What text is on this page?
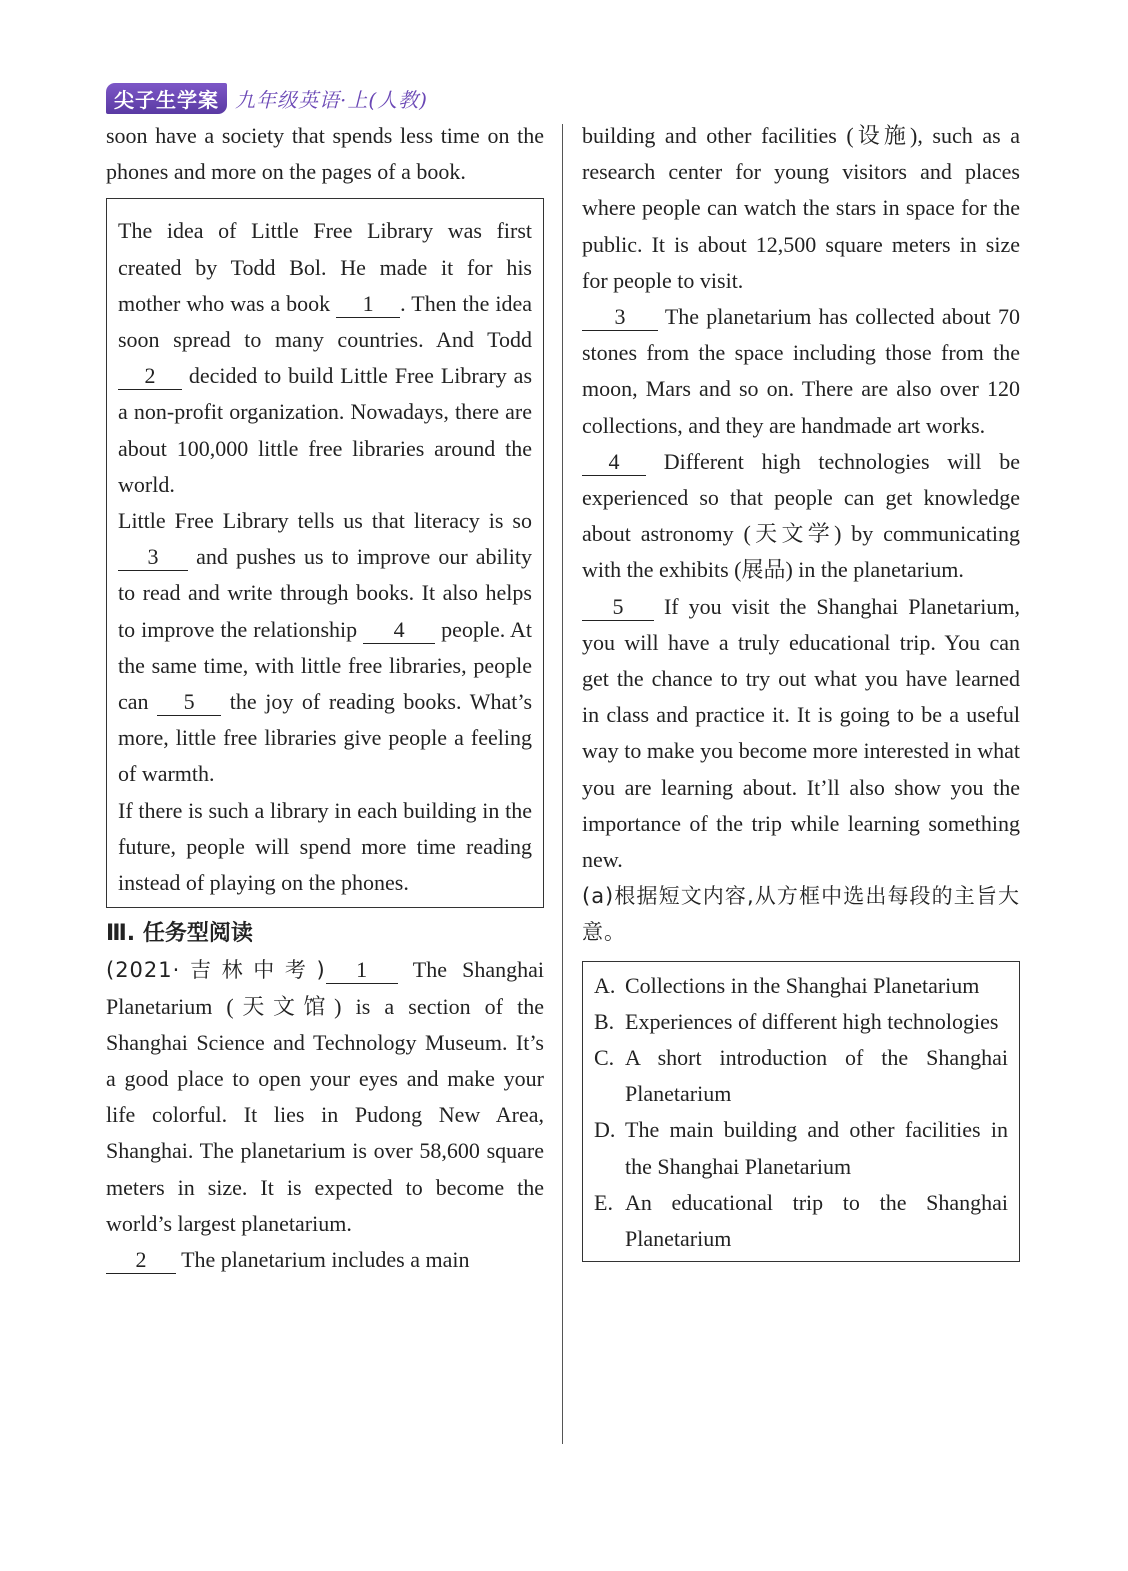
尖子生学案 九年级英语·上(人教)

soon have a society that spends less time on the phones and more on the pages of a book.

The idea of Little Free Library was first created by Todd Bol. He made it for his mother who was a book 1 . Then the idea soon spread to many countries. And Todd 2 decided to build Little Free Library as a non-profit organization. Nowadays, there are about 100,000 little free libraries around the world.

Little Free Library tells us that literacy is so 3 and pushes us to improve our ability to read and write through books. It also helps to improve the relationship 4 people. At the same time, with little free libraries, people can 5 the joy of reading books. What’s more, little free libraries give people a feeling of warmth.

If there is such a library in each building in the future, people will spend more time reading instead of playing on the phones.

Ⅲ. 任务型阅读

(2021·吉林中考) 1 The Shanghai Planetarium (天文馆) is a section of the Shanghai Science and Technology Museum. It’s a good place to open your eyes and make your life colorful. It lies in Pudong New Area, Shanghai. The planetarium is over 58,600 square meters in size. It is expected to become the world’s largest planetarium.

2 The planetarium includes a main

building and other facilities (设施), such as a research center for young visitors and places where people can watch the stars in space for the public. It is about 12,500 square meters in size for people to visit.

3 The planetarium has collected about 70 stones from the space including those from the moon, Mars and so on. There are also over 120 collections, and they are handmade art works.

4 Different high technologies will be experienced so that people can get knowledge about astronomy (天文学) by communicating with the exhibits (展品) in the planetarium.

5 If you visit the Shanghai Planetarium, you will have a truly educational trip. You can get the chance to try out what you have learned in class and practice it. It is going to be a useful way to make you become more interested in what you are learning about. It’ll also show you the importance of the trip while learning something new.

(a)根据短文内容,从方框中选出每段的主旨大意。

A. Collections in the Shanghai Planetarium
B. Experiences of different high technologies
C. A short introduction of the Shanghai Planetarium
D. The main building and other facilities in the Shanghai Planetarium
E. An educational trip to the Shanghai Planetarium
